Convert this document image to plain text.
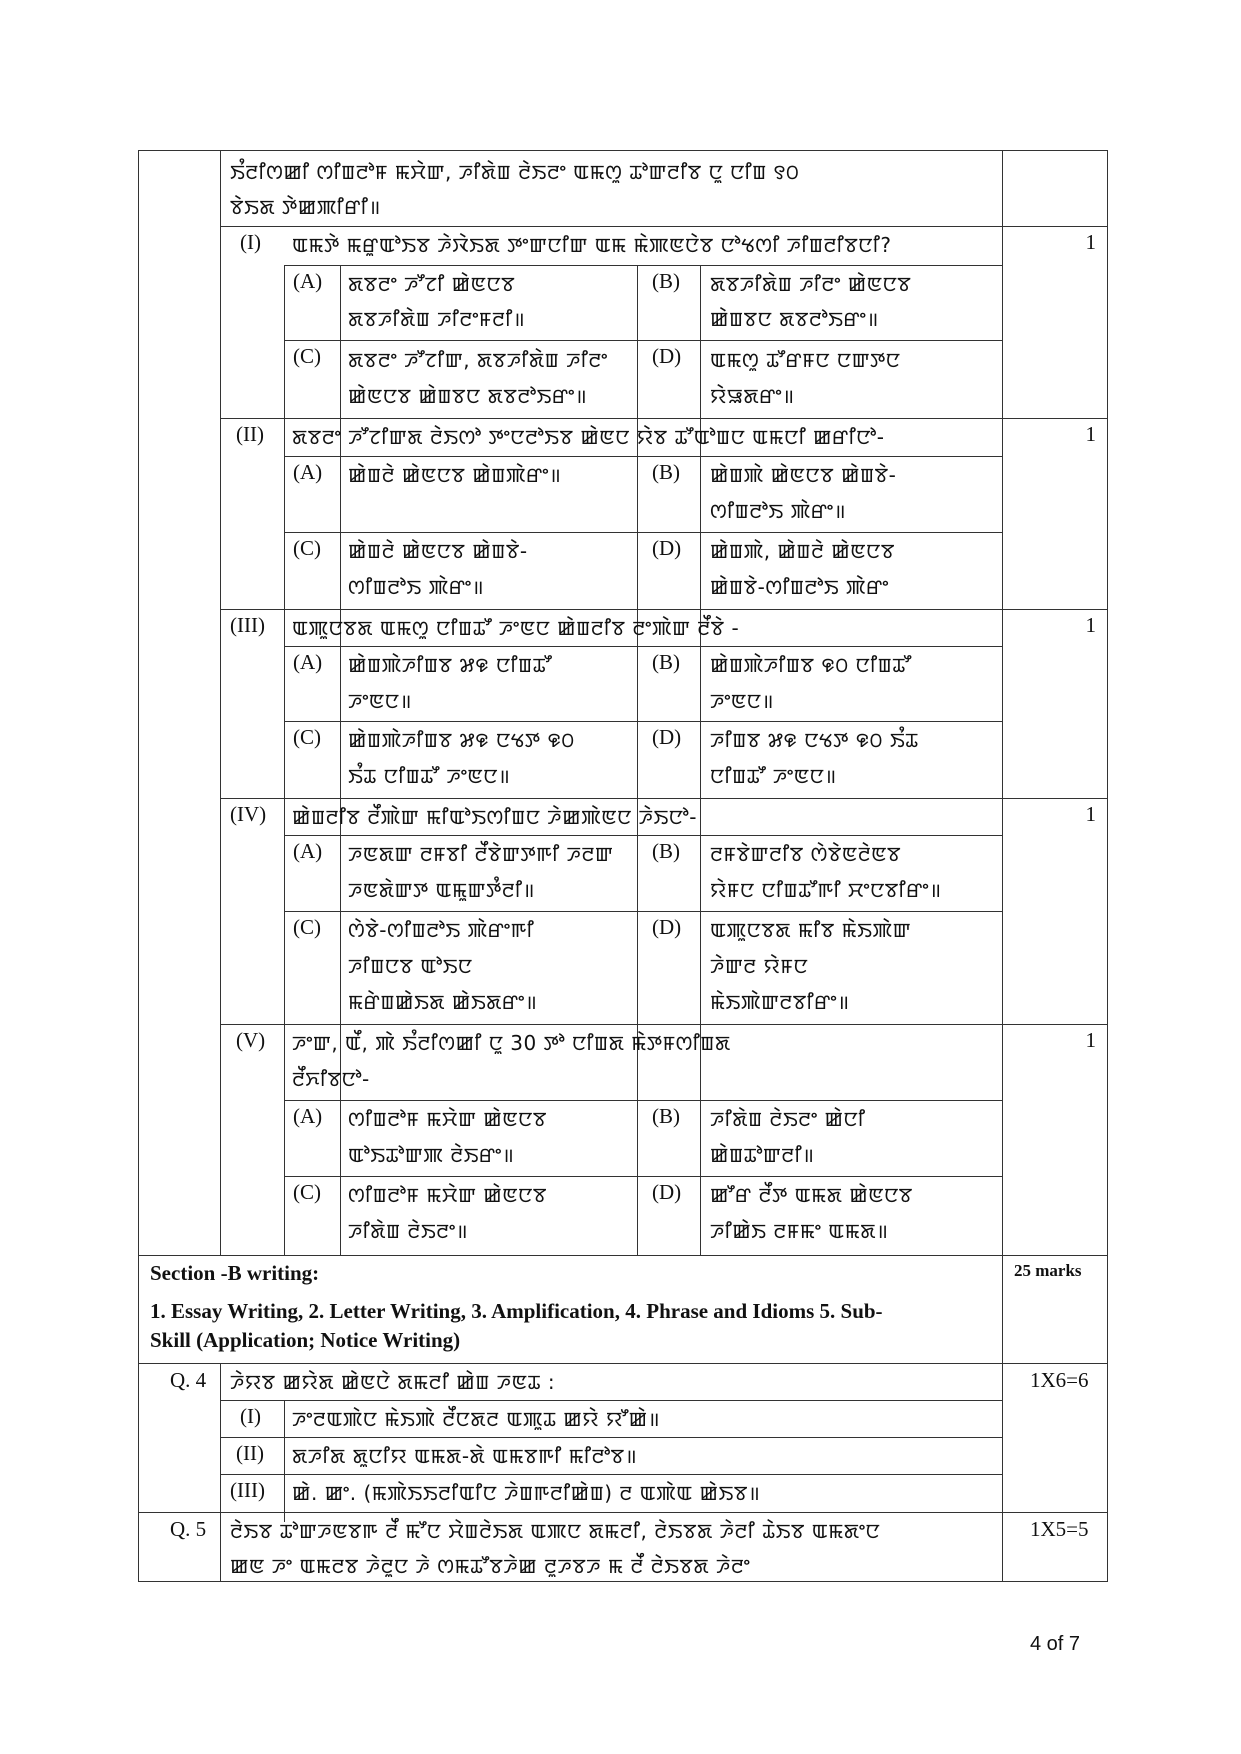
ꯏꯪꯂꯤꯁꯀꯤ ꯁꯤꯡꯂꯣꯝ ꯃꯆꯥꯛ, ꯍꯤꯗꯥꯡ ꯂꯥꯏꯂꯦ ꯑꯃꯁꯨ ꯊꯣꯛꯂꯤꯕ ꯅꯨ ꯅꯤꯡ ꯱꯰
ꯕꯥꯏꯗ ꯇꯥꯀꯄꯤꯔꯤ॥
(I) ꯑꯃꯇꯥ ꯃꯔꯨꯑꯣꯏꯕ ꯍꯥꯋꯥꯏꯗ ꯇꯦꯛꯅꯤꯛ ꯑꯃ ꯃꯥꯄꯟꯅꯥꯕ ꯅꯣꯠꯁꯤ ꯍꯤꯡꯂꯤꯕꯅꯤ?	1
(A) ꯗꯕꯂꯦ ꯍꯧꯖꯤ ꯀꯥꯟꯅꯕ
ꯗꯕꯍꯤꯗꯥꯡ ꯍꯤꯂꯦꯝꯂꯤ॥
(B) ꯗꯕꯍꯤꯗꯥꯡ ꯍꯤꯂꯦ ꯀꯥꯟꯅꯕ
ꯀꯥꯡꯕꯅ ꯗꯕꯂꯣꯏꯔꯦ॥
(C) ꯗꯕꯂꯦ ꯍꯧꯖꯤꯛ, ꯗꯕꯍꯤꯗꯥꯡ ꯍꯤꯂꯦ
ꯀꯥꯟꯅꯕ ꯀꯥꯡꯕꯅ ꯗꯕꯂꯣꯏꯔꯦ॥
(D) ꯑꯃꯁꯨ ꯊꯧꯔꯝꯅ ꯅꯛꯇꯅ
ꯌꯥꯎꯗꯔꯦ॥
(II) ꯗꯕꯂꯦ ꯍꯧꯖꯤꯛꯗ ꯂꯥꯏꯁꯣ ꯇꯦꯅꯂꯣꯏꯕ ꯀꯥꯟꯅ ꯌꯥꯕ ꯊꯧꯑꯣꯡꯅ ꯑꯃꯅꯤ ꯀꯔꯤꯅꯣ-	1
(A) ꯀꯥꯡꯂꯥ ꯀꯥꯟꯅꯕ ꯀꯥꯡꯄꯥꯔꯦ॥	(B) ꯀꯥꯡꯄꯥ ꯀꯥꯟꯅꯕ ꯀꯥꯡꯕꯥ-
ꯁꯤꯡꯂꯣꯏ ꯄꯥꯔꯦ॥
(C) ꯀꯥꯡꯂꯥ ꯀꯥꯟꯅꯕ ꯀꯥꯡꯕꯥ-
ꯁꯤꯡꯂꯣꯏ ꯄꯥꯔꯦ॥
(D) ꯀꯥꯡꯄꯥ, ꯀꯥꯡꯂꯥ ꯀꯥꯟꯅꯕ
ꯀꯥꯡꯕꯥ-ꯁꯤꯡꯂꯣꯏ ꯄꯥꯔꯦ
(III) ꯑꯄꯨꯅꯕꯗ ꯑꯃꯁꯨ ꯅꯤꯡꯊꯧ ꯍꯦꯟꯅ ꯀꯥꯡꯂꯤꯕ ꯂꯦꯄꯥꯛ ꯂꯩꯕꯥ -	1
(A) ꯀꯥꯡꯄꯥꯍꯤꯡꯕ ꯷꯶ ꯅꯤꯡꯊꯧ
ꯍꯦꯟꯅ॥
(B) ꯀꯥꯡꯄꯥꯍꯤꯡꯕ ꯶꯰ ꯅꯤꯡꯊꯧ
ꯍꯦꯟꯅ॥
(C) ꯀꯥꯡꯄꯥꯍꯤꯡꯕ ꯷꯶ ꯅꯠꯇ ꯶꯰
ꯏꯪꯊ ꯅꯤꯡꯊꯧ ꯍꯦꯟꯅ॥
(D) ꯍꯤꯡꯕ ꯷꯶ ꯅꯠꯇ ꯶꯰ ꯏꯪꯊ
ꯅꯤꯡꯊꯧ ꯍꯦꯟꯅ॥
(IV) ꯀꯥꯡꯂꯤꯕ ꯂꯩꯄꯥꯛ ꯃꯤꯑꯣꯏꯁꯤꯡꯅ ꯍꯥꯀꯄꯥꯟꯅ ꯍꯥꯏꯅꯣ-	1
(A) ꯍꯟꯗꯛ ꯂꯝꯕꯤ ꯂꯩꯕꯥꯛꯇꯒꯤ ꯍꯂꯛ
ꯍꯟꯗꯥꯛꯇ ꯑꯃꯨꯛꯇꯪꯂꯤ॥
(B) ꯂꯝꯕꯥꯛꯂꯤꯕ ꯁꯥꯕꯥꯟꯂꯥꯟꯕ
ꯌꯥꯝꯅ ꯅꯤꯡꯊꯧꯒꯤ ꯆꯦꯅꯕꯤꯔꯦ॥
(C) ꯁꯥꯕꯥ-ꯁꯤꯡꯂꯣꯏ ꯄꯥꯔꯦꯒꯤ
ꯍꯤꯡꯅꯕ ꯑꯣꯏꯅ
ꯃꯔꯥꯡꯀꯥꯏꯗ ꯀꯥꯏꯗꯔꯦ॥
(D) ꯑꯄꯨꯅꯕꯗ ꯃꯤꯕ ꯃꯥꯏꯄꯥꯛ
ꯍꯥꯛꯂ ꯌꯥꯝꯅ
ꯃꯥꯏꯄꯥꯛꯂꯕꯤꯔꯦ॥
(V) ꯍꯦꯛ, ꯑꯩ, ꯄꯥ ꯏꯪꯂꯤꯁꯀꯤ ꯅꯨ 30 ꯇꯣ ꯅꯤꯡꯗ ꯃꯥꯇꯝꯁꯤꯡꯗ
ꯂꯩꯈꯤꯕꯅꯣ-
1
(A) ꯁꯤꯡꯂꯣꯝ ꯃꯆꯥꯛ ꯀꯥꯟꯅꯕ
ꯑꯣꯏꯊꯣꯛꯄ ꯂꯥꯏꯔꯦ॥
(B) ꯍꯤꯗꯥꯡ ꯂꯥꯏꯂꯦ ꯀꯥꯅꯤ
ꯀꯥꯡꯊꯣꯛꯂꯤ॥
(C) ꯁꯤꯡꯂꯣꯝ ꯃꯆꯥꯛ ꯀꯥꯟꯅꯕ
ꯍꯤꯗꯥꯡ ꯂꯥꯏꯂꯦ॥
(D) ꯀꯧꯔ ꯂꯩꯇ ꯑꯃꯗ ꯀꯥꯟꯅꯕ
ꯍꯤꯀꯥꯏ ꯂꯝꯃꯦ ꯑꯃꯗ॥
Section -B writing:	25 marks
1. Essay Writing, 2. Letter Writing, 3. Amplification, 4. Phrase and Idioms 5. Sub-
Skill (Application; Notice Writing)
Q. 4 ꯍꯥꯌꯕ ꯀꯌꯥꯗ ꯀꯥꯟꯅꯥ ꯗꯃꯂꯤ ꯀꯥꯡ ꯍꯟꯊ :	1X6=6
(I) ꯍꯦꯂꯑꯄꯥꯅ ꯃꯥꯏꯄꯥ ꯂꯩꯅꯗꯂ ꯑꯄꯨꯊ ꯀꯌꯥ ꯌꯧꯀꯥ॥
(II) ꯗꯍꯤꯗ ꯗꯨꯅꯤꯌ ꯑꯃꯗ-ꯗꯥ ꯑꯃꯕꯒꯤ ꯃꯤꯂꯣꯕ॥
(III) ꯀꯥ. ꯀꯦ. (ꯃꯄꯥꯏꯏꯂꯤꯑꯤꯅ ꯍꯥꯡꯒꯂꯤꯀꯥꯡ) ꯂ ꯑꯄꯥꯑ ꯀꯥꯏꯕ॥
Q. 5 ꯂꯥꯏꯕ ꯊꯣꯛꯍꯟꯕꯒ ꯂꯩ ꯃꯧꯅ ꯆꯥꯡꯂꯥꯏꯗ ꯑꯄꯅ ꯗꯃꯂꯤ, ꯂꯥꯏꯕꯗ ꯍꯥꯂꯤ ꯊꯥꯏꯕ ꯑꯃꯗꯦꯅ
ꯀꯟ ꯍꯦ ꯑꯃꯂꯕ ꯍꯥꯂꯨꯅ ꯍꯥ ꯁꯃꯊꯧꯕꯍꯥꯀ ꯂꯨꯍꯕꯍ ꯃ ꯂꯩ ꯂꯥꯏꯕꯗ ꯍꯥꯂꯦ
1X5=5
4 of 7
